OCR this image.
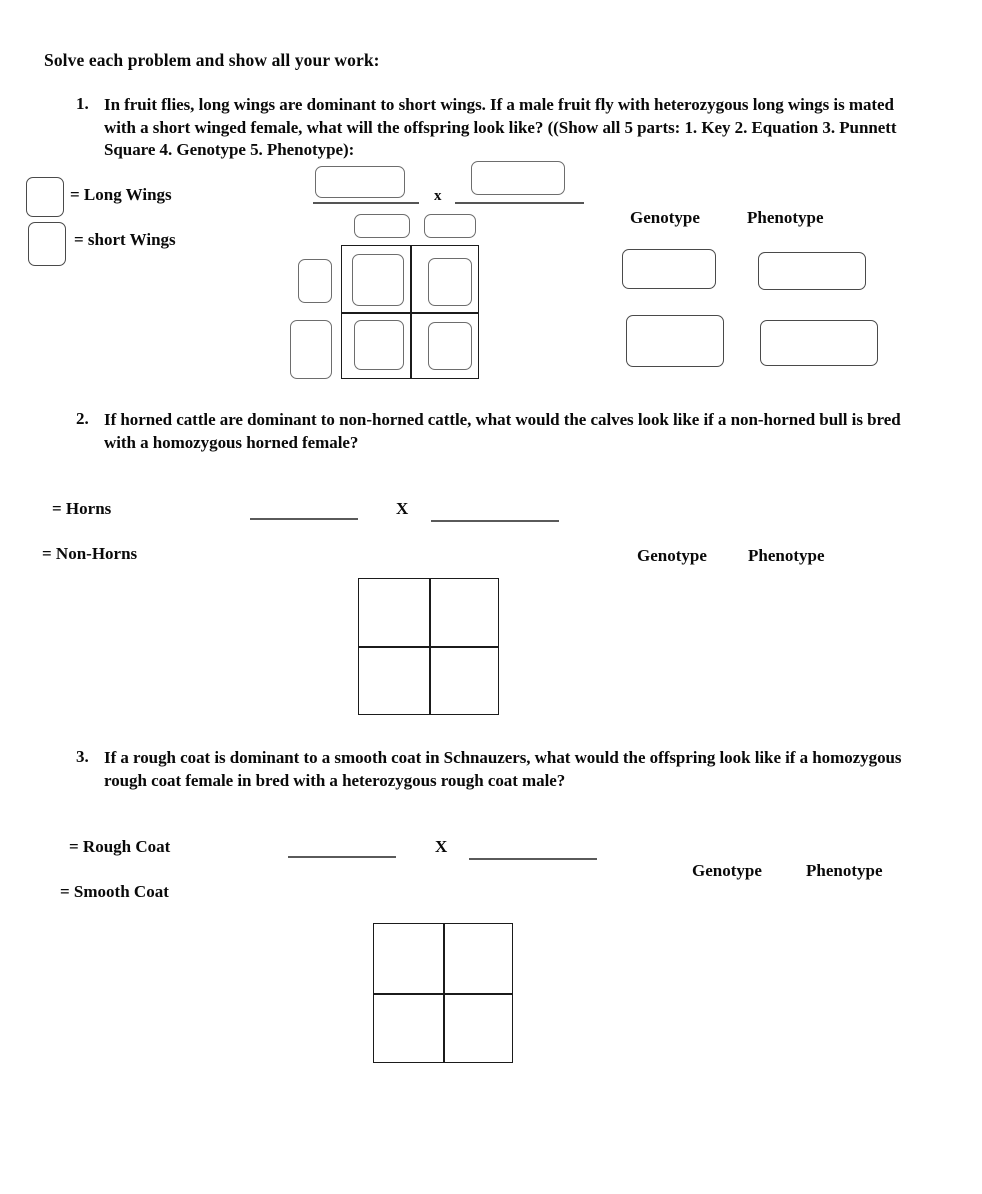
Solve each problem and show all your work:
1. In fruit flies, long wings are dominant to short wings. If a male fruit fly with heterozygous long wings is mated with a short winged female, what will the offspring look like? ((Show all 5 parts: 1. Key 2. Equation 3. Punnett Square 4. Genotype 5. Phenotype):
= Long Wings
= short Wings
x
Genotype	Phenotype
2. If horned cattle are dominant to non-horned cattle, what would the calves look like if a non-horned bull is bred with a homozygous horned female?
= Horns
= Non-Horns
X
Genotype Phenotype
3. If a rough coat is dominant to a smooth coat in Schnauzers, what would the offspring look like if a homozygous rough coat female in bred with a heterozygous rough coat male?
= Rough Coat
= Smooth Coat
X
Genotype	Phenotype
